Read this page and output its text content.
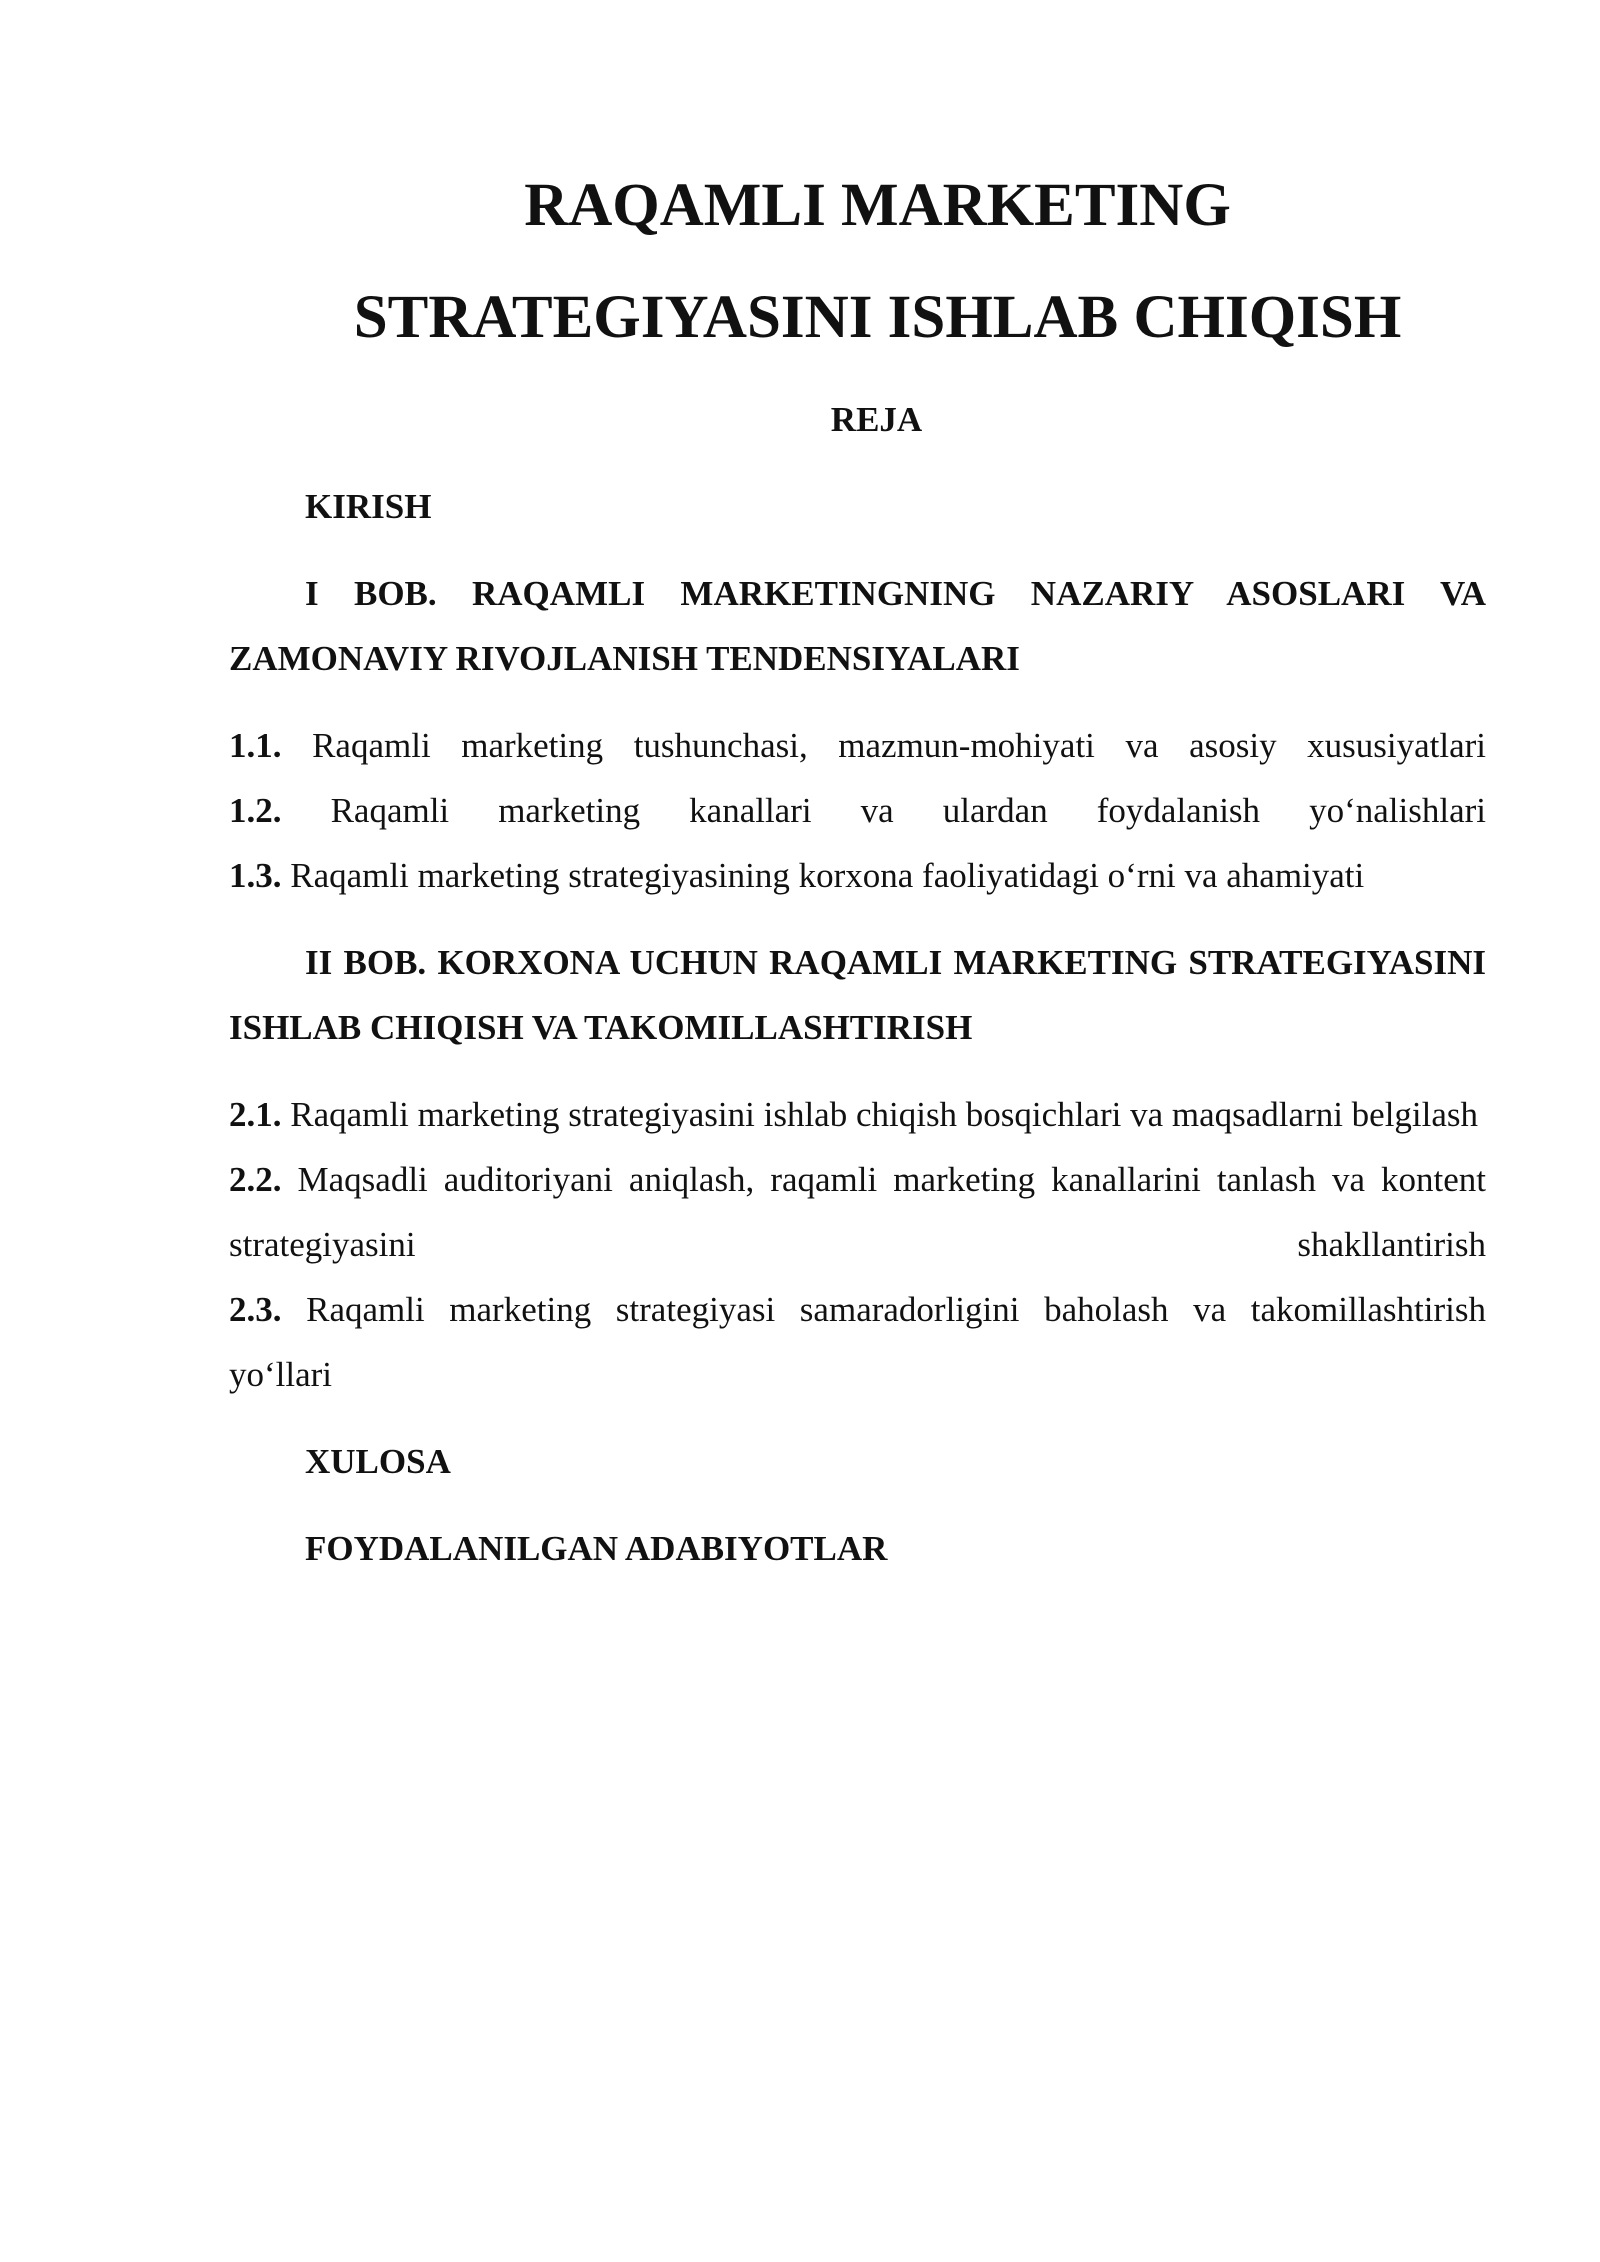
RAQAMLI MARKETING
STRATEGIYASINI ISHLAB CHIQISH

REJA

KIRISH

I BOB. RAQAMLI MARKETINGNING NAZARIY ASOSLARI VA ZAMONAVIY RIVOJLANISH TENDENSIYALARI

1.1. Raqamli marketing tushunchasi, mazmun-mohiyati va asosiy xususiyatlari

1.2. Raqamli marketing kanallari va ulardan foydalanish yo‘nalishlari

1.3. Raqamli marketing strategiyasining korxona faoliyatidagi o‘rni va ahamiyati

II BOB. KORXONA UCHUN RAQAMLI MARKETING STRATEGIYASINI ISHLAB CHIQISH VA TAKOMILLASHTIRISH

2.1. Raqamli marketing strategiyasini ishlab chiqish bosqichlari va maqsadlarni belgilash

2.2. Maqsadli auditoriyani aniqlash, raqamli marketing kanallarini tanlash va kontent strategiyasini shakllantirish

2.3. Raqamli marketing strategiyasi samaradorligini baholash va takomillashtirish yo‘llari

XULOSA

FOYDALANILGAN ADABIYOTLAR
